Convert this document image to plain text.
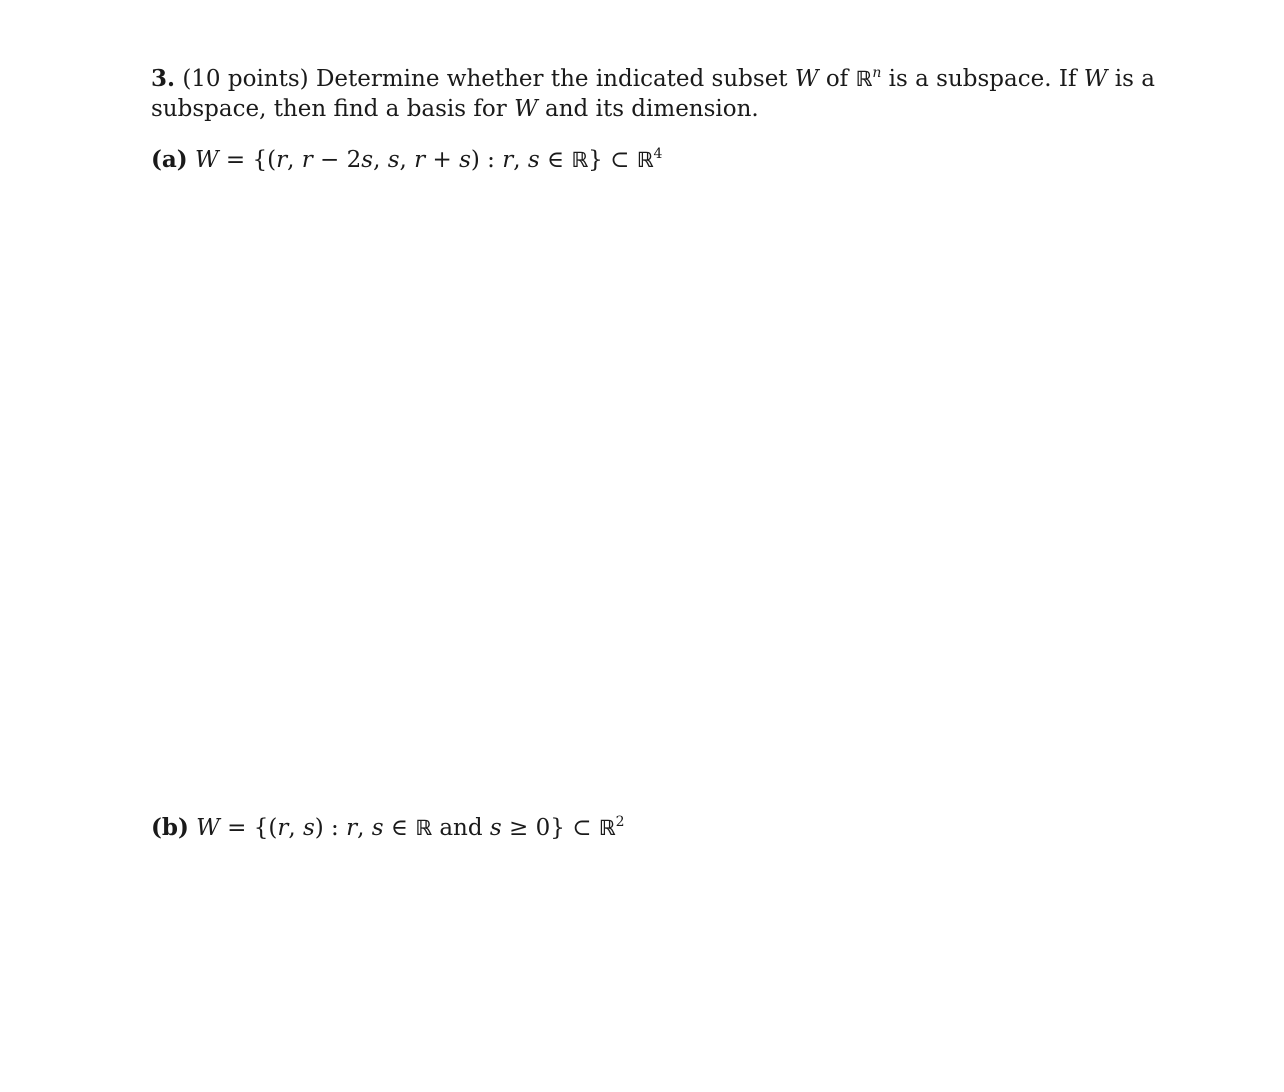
3. (10 points) Determine whether the indicated subset W of ℝ$^n$ is a subspace. If W is a

subspace, then find a basis for W and its dimension.

(a) W = {(r, r − 2s, s, r + s) : r, s ∈ ℝ} ⊂ ℝ$^4$
(b) W = {(r, s) : r, s ∈ ℝ and s ≥ 0} ⊂ ℝ$^2$
